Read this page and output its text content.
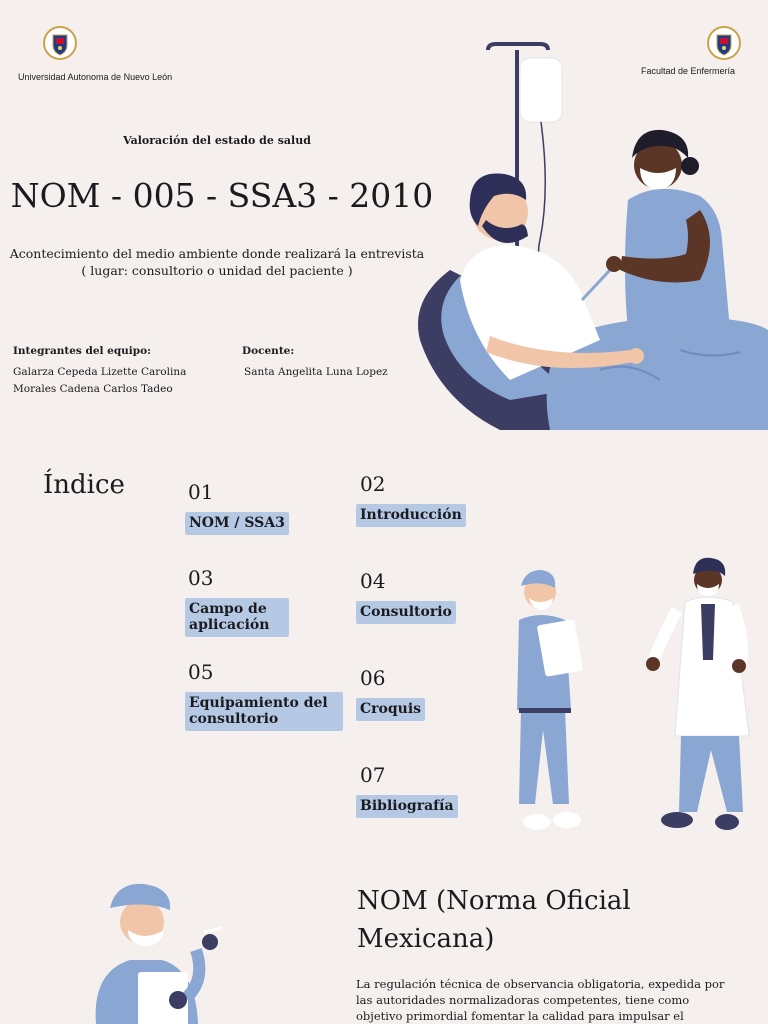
Universidad Autonoma de Nuevo León
Facultad de Enfermería
Valoración del estado de salud
NOM - 005 - SSA3 - 2010
Acontecimiento del medio ambiente donde realizará la entrevista
( lugar: consultorio o unidad del paciente )
Integrantes del equipo:
Galarza Cepeda Lizette Carolina
Morales Cadena Carlos Tadeo
Docente:
Santa Angelita Luna Lopez
Índice	01
NOM / SSA3
02
Introducción
03
Campo de aplicación
04
Consultorio
05
Equipamiento del consultorio
06
Croquis
07
Bibliografía
NOM (Norma Oficial
Mexicana)
La regulación técnica de observancia obligatoria, expedida por
las autoridades normalizadoras competentes, tiene como
objetivo primordial fomentar la calidad para impulsar el
